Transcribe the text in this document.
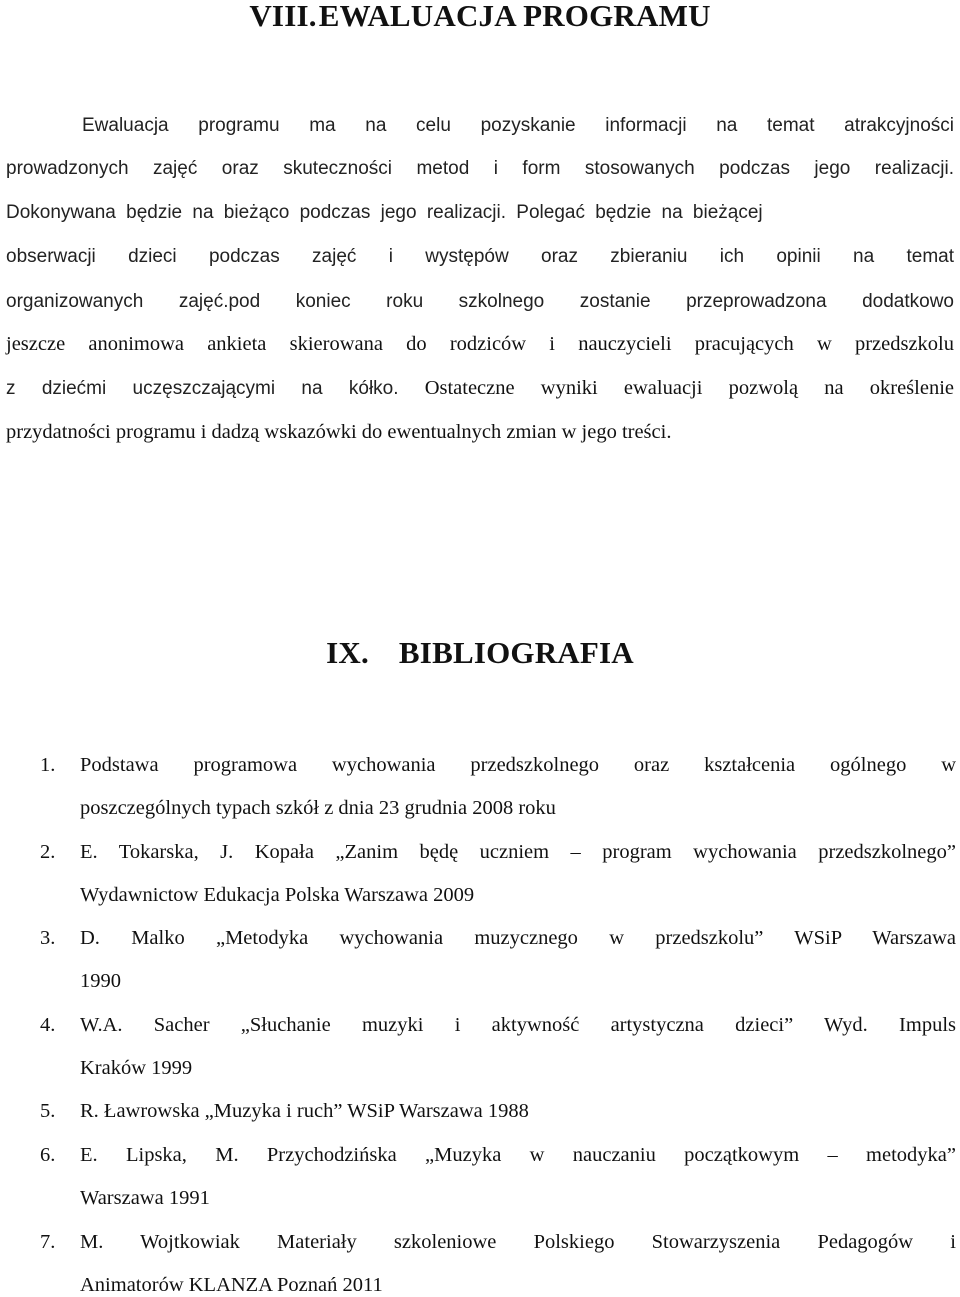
VIII.EWALUACJA PROGRAMU
Ewaluacja programu ma na celu pozyskanie informacji na temat atrakcyjności
prowadzonych zajęć oraz skuteczności metod i form stosowanych podczas jego realizacji.
Dokonywana będzie na bieżąco podczas jego realizacji. Polegać będzie na bieżącej
obserwacji dzieci podczas zajęć i występów oraz zbieraniu ich opinii na temat
organizowanych zajęć.pod koniec roku szkolnego zostanie przeprowadzona dodatkowo
jeszcze anonimowa ankieta skierowana do rodziców i nauczycieli pracujących w przedszkolu
z dziećmi uczęszczającymi na kółko. Ostateczne wyniki ewaluacji pozwolą na określenie
przydatności programu i dadzą wskazówki do ewentualnych zmian w jego treści.
IX. BIBLIOGRAFIA
1. Podstawa programowa wychowania przedszkolnego oraz kształcenia ogólnego w
poszczególnych typach szkół z dnia 23 grudnia 2008 roku
2. E. Tokarska, J. Kopała „Zanim będę uczniem – program wychowania przedszkolnego”
Wydawnictow Edukacja Polska Warszawa 2009
3. D. Malko „Metodyka wychowania muzycznego w przedszkolu” WSiP Warszawa
1990
4. W.A. Sacher „Słuchanie muzyki i aktywność artystyczna dzieci” Wyd. Impuls
Kraków 1999
5. R. Ławrowska „Muzyka i ruch” WSiP Warszawa 1988
6. E. Lipska, M. Przychodzińska „Muzyka w nauczaniu początkowym – metodyka”
Warszawa 1991
7. M. Wojtkowiak Materiały szkoleniowe Polskiego Stowarzyszenia Pedagogów i
Animatorów KLANZA Poznań 2011
